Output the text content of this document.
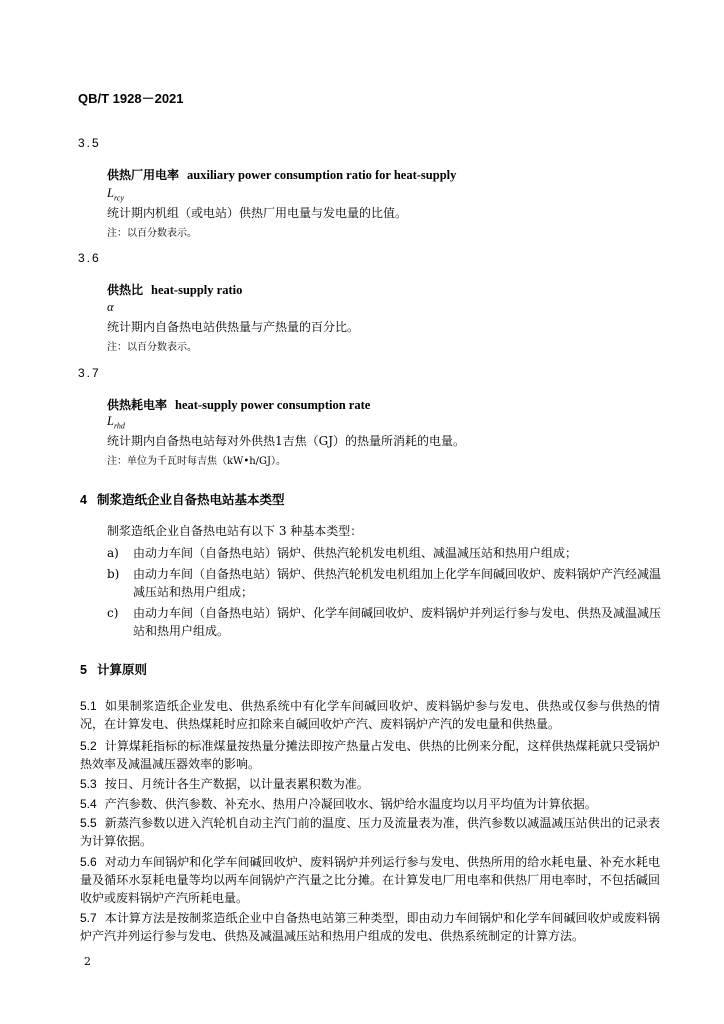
QB/T 1928－2021
3.5
供热厂用电率 auxiliary power consumption ratio for heat-supply
$L_{rcy}$
统计期内机组（或电站）供热厂用电量与发电量的比值。
注：以百分数表示。
3.6
供热比 heat-supply ratio
α
统计期内自备热电站供热量与产热量的百分比。
注：以百分数表示。
3.7
供热耗电率 heat-supply power consumption rate
$L_{rhd}$
统计期内自备热电站每对外供热1吉焦（GJ）的热量所消耗的电量。
注：单位为千瓦时每吉焦（kW•h/GJ）。
4 制浆造纸企业自备热电站基本类型
制浆造纸企业自备热电站有以下 3 种基本类型：
a) 由动力车间（自备热电站）锅炉、供热汽轮机发电机组、减温减压站和热用户组成；
b) 由动力车间（自备热电站）锅炉、供热汽轮机发电机组加上化学车间碱回收炉、废料锅炉产汽经减温减压站和热用户组成；
c) 由动力车间（自备热电站）锅炉、化学车间碱回收炉、废料锅炉并列运行参与发电、供热及减温减压站和热用户组成。
5 计算原则
5.1 如果制浆造纸企业发电、供热系统中有化学车间碱回收炉、废料锅炉参与发电、供热或仅参与供热的情况，在计算发电、供热煤耗时应扣除来自碱回收炉产汽、废料锅炉产汽的发电量和供热量。
5.2 计算煤耗指标的标准煤量按热量分摊法即按产热量占发电、供热的比例来分配，这样供热煤耗就只受锅炉热效率及减温减压器效率的影响。
5.3 按日、月统计各生产数据，以计量表累积数为准。
5.4 产汽参数、供汽参数、补充水、热用户冷凝回收水、锅炉给水温度均以月平均值为计算依据。
5.5 新蒸汽参数以进入汽轮机自动主汽门前的温度、压力及流量表为准，供汽参数以减温减压站供出的记录表为计算依据。
5.6 对动力车间锅炉和化学车间碱回收炉、废料锅炉并列运行参与发电、供热所用的给水耗电量、补充水耗电量及循环水泵耗电量等均以两车间锅炉产汽量之比分摊。在计算发电厂用电率和供热厂用电率时，不包括碱回收炉或废料锅炉产汽所耗电量。
5.7 本计算方法是按制浆造纸企业中自备热电站第三种类型，即由动力车间锅炉和化学车间碱回收炉或废料锅炉产汽并列运行参与发电、供热及减温减压站和热用户组成的发电、供热系统制定的计算方法。
2
